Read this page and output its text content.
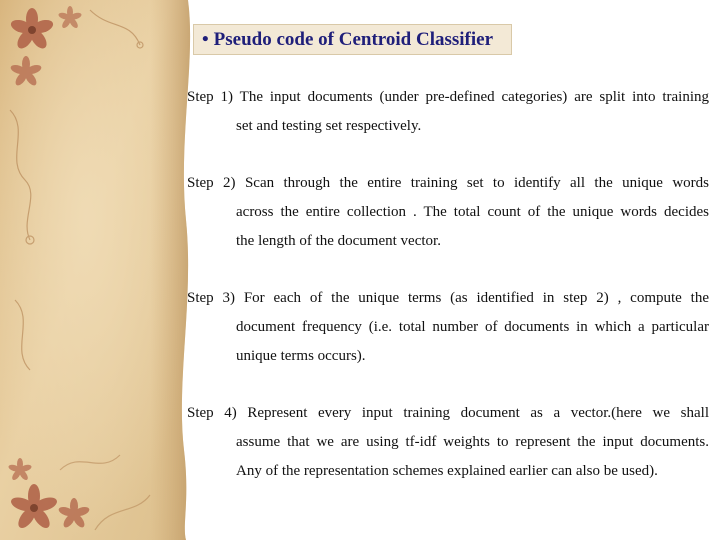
• Pseudo code of Centroid Classifier
Step 1) The input documents (under pre-defined categories) are split into training
set and testing set respectively.
Step 2) Scan through the entire training set to identify all the unique words
across the entire collection . The total count of the unique words decides
the length of the document vector.
Step 3) For each of the unique terms (as identified in step 2) , compute the
document frequency (i.e. total number of documents in which a particular
unique terms occurs).
Step 4) Represent every input training document as a vector.(here we shall
assume that we are using tf-idf weights to represent the input documents.
Any of the representation schemes explained earlier can also be used).
